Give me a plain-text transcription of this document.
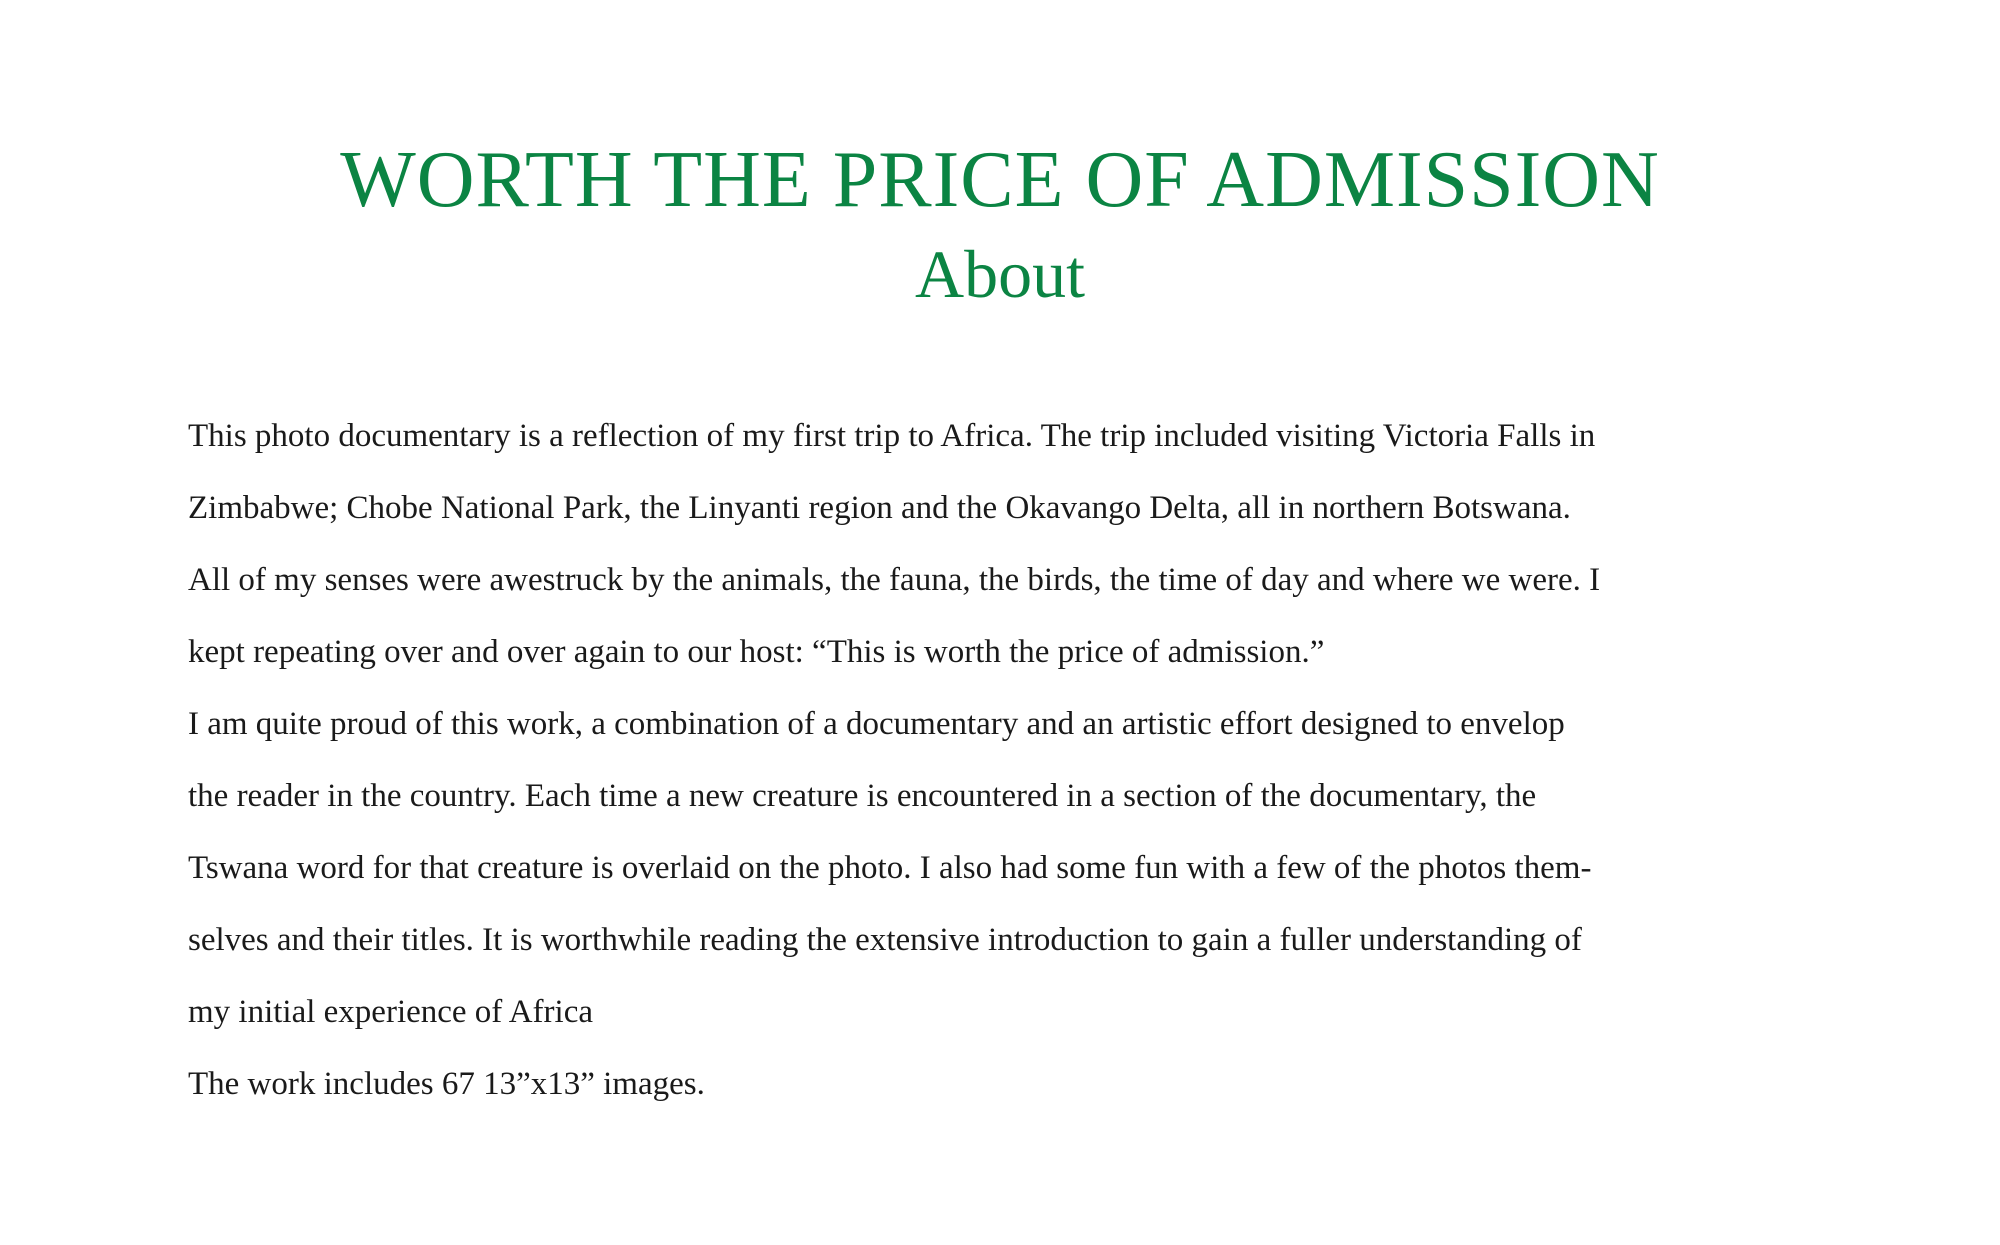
WORTH THE PRICE OF ADMISSION
About

This photo documentary is a reflection of my first trip to Africa. The trip included visiting Victoria Falls in

Zimbabwe; Chobe National Park, the Linyanti region and the Okavango Delta, all in northern Botswana.

All of my senses were awestruck by the animals, the fauna, the birds, the time of day and where we were. I

kept repeating over and over again to our host: “This is worth the price of admission.”

I am quite proud of this work, a combination of a documentary and an artistic effort designed to envelop

the reader in the country. Each time a new creature is encountered in a section of the documentary, the

Tswana word for that creature is overlaid on the photo. I also had some fun with a few of the photos them-

selves and their titles. It is worthwhile reading the extensive introduction to gain a fuller understanding of

my initial experience of Africa

The work includes 67 13”x13” images.
